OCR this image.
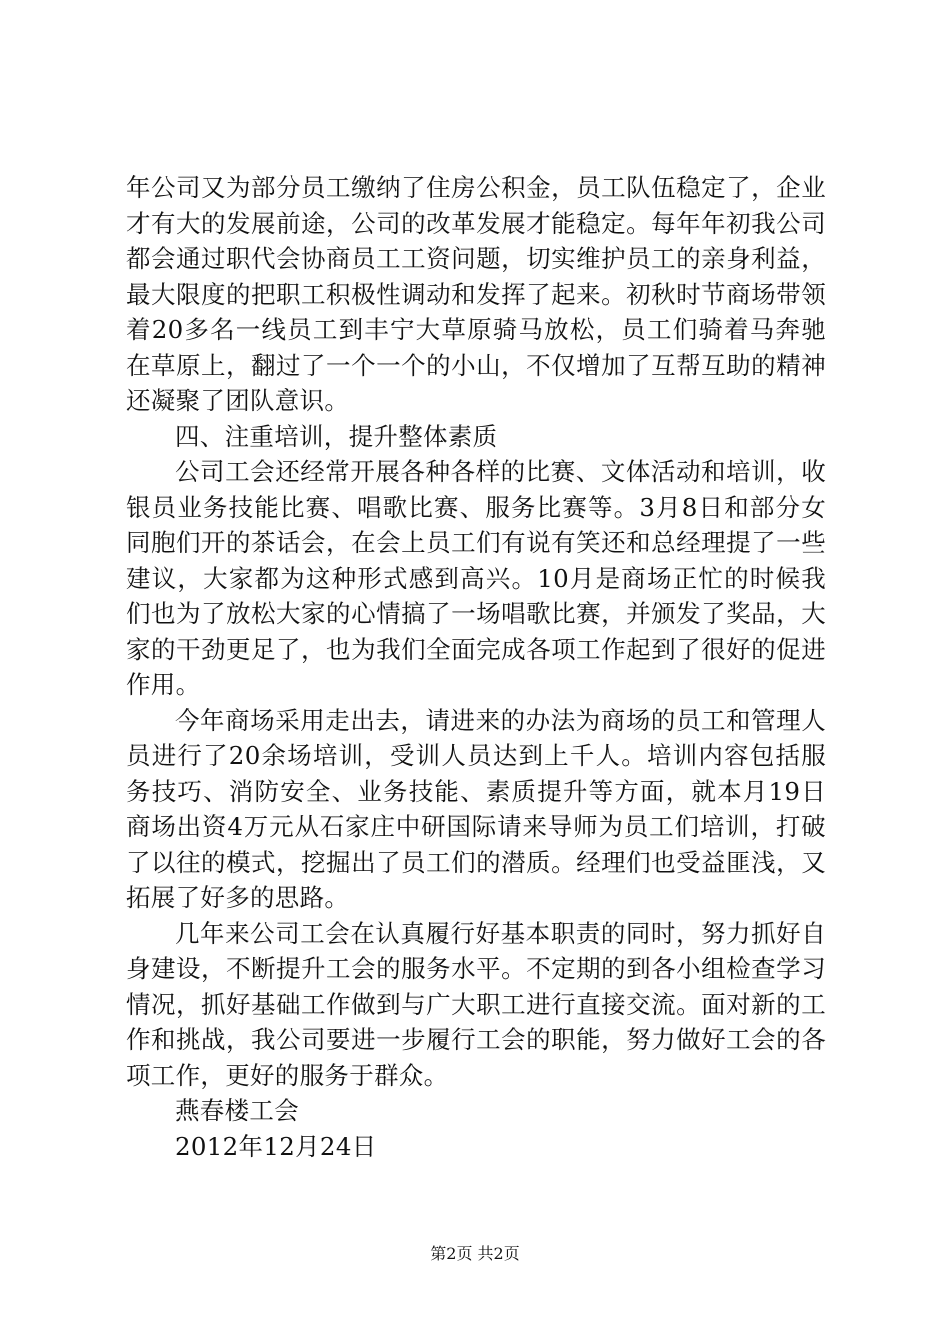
年公司又为部分员工缴纳了住房公积金，员工队伍稳定了，企业才有大的发展前途，公司的改革发展才能稳定。每年年初我公司都会通过职代会协商员工工资问题，切实维护员工的亲身利益，最大限度的把职工积极性调动和发挥了起来。初秋时节商场带领着20多名一线员工到丰宁大草原骑马放松，员工们骑着马奔驰在草原上，翻过了一个一个的小山，不仅增加了互帮互助的精神还凝聚了团队意识。

四、注重培训，提升整体素质

公司工会还经常开展各种各样的比赛、文体活动和培训，收银员业务技能比赛、唱歌比赛、服务比赛等。3月8日和部分女同胞们开的茶话会，在会上员工们有说有笑还和总经理提了一些建议，大家都为这种形式感到高兴。10月是商场正忙的时候我们也为了放松大家的心情搞了一场唱歌比赛，并颁发了奖品，大家的干劲更足了，也为我们全面完成各项工作起到了很好的促进作用。

今年商场采用走出去，请进来的办法为商场的员工和管理人员进行了20余场培训，受训人员达到上千人。培训内容包括服务技巧、消防安全、业务技能、素质提升等方面，就本月19日商场出资4万元从石家庄中研国际请来导师为员工们培训，打破了以往的模式，挖掘出了员工们的潜质。经理们也受益匪浅，又拓展了好多的思路。

几年来公司工会在认真履行好基本职责的同时，努力抓好自身建设，不断提升工会的服务水平。不定期的到各小组检查学习情况，抓好基础工作做到与广大职工进行直接交流。面对新的工作和挑战，我公司要进一步履行工会的职能，努力做好工会的各项工作，更好的服务于群众。

燕春楼工会

2012年12月24日

第2页 共2页
